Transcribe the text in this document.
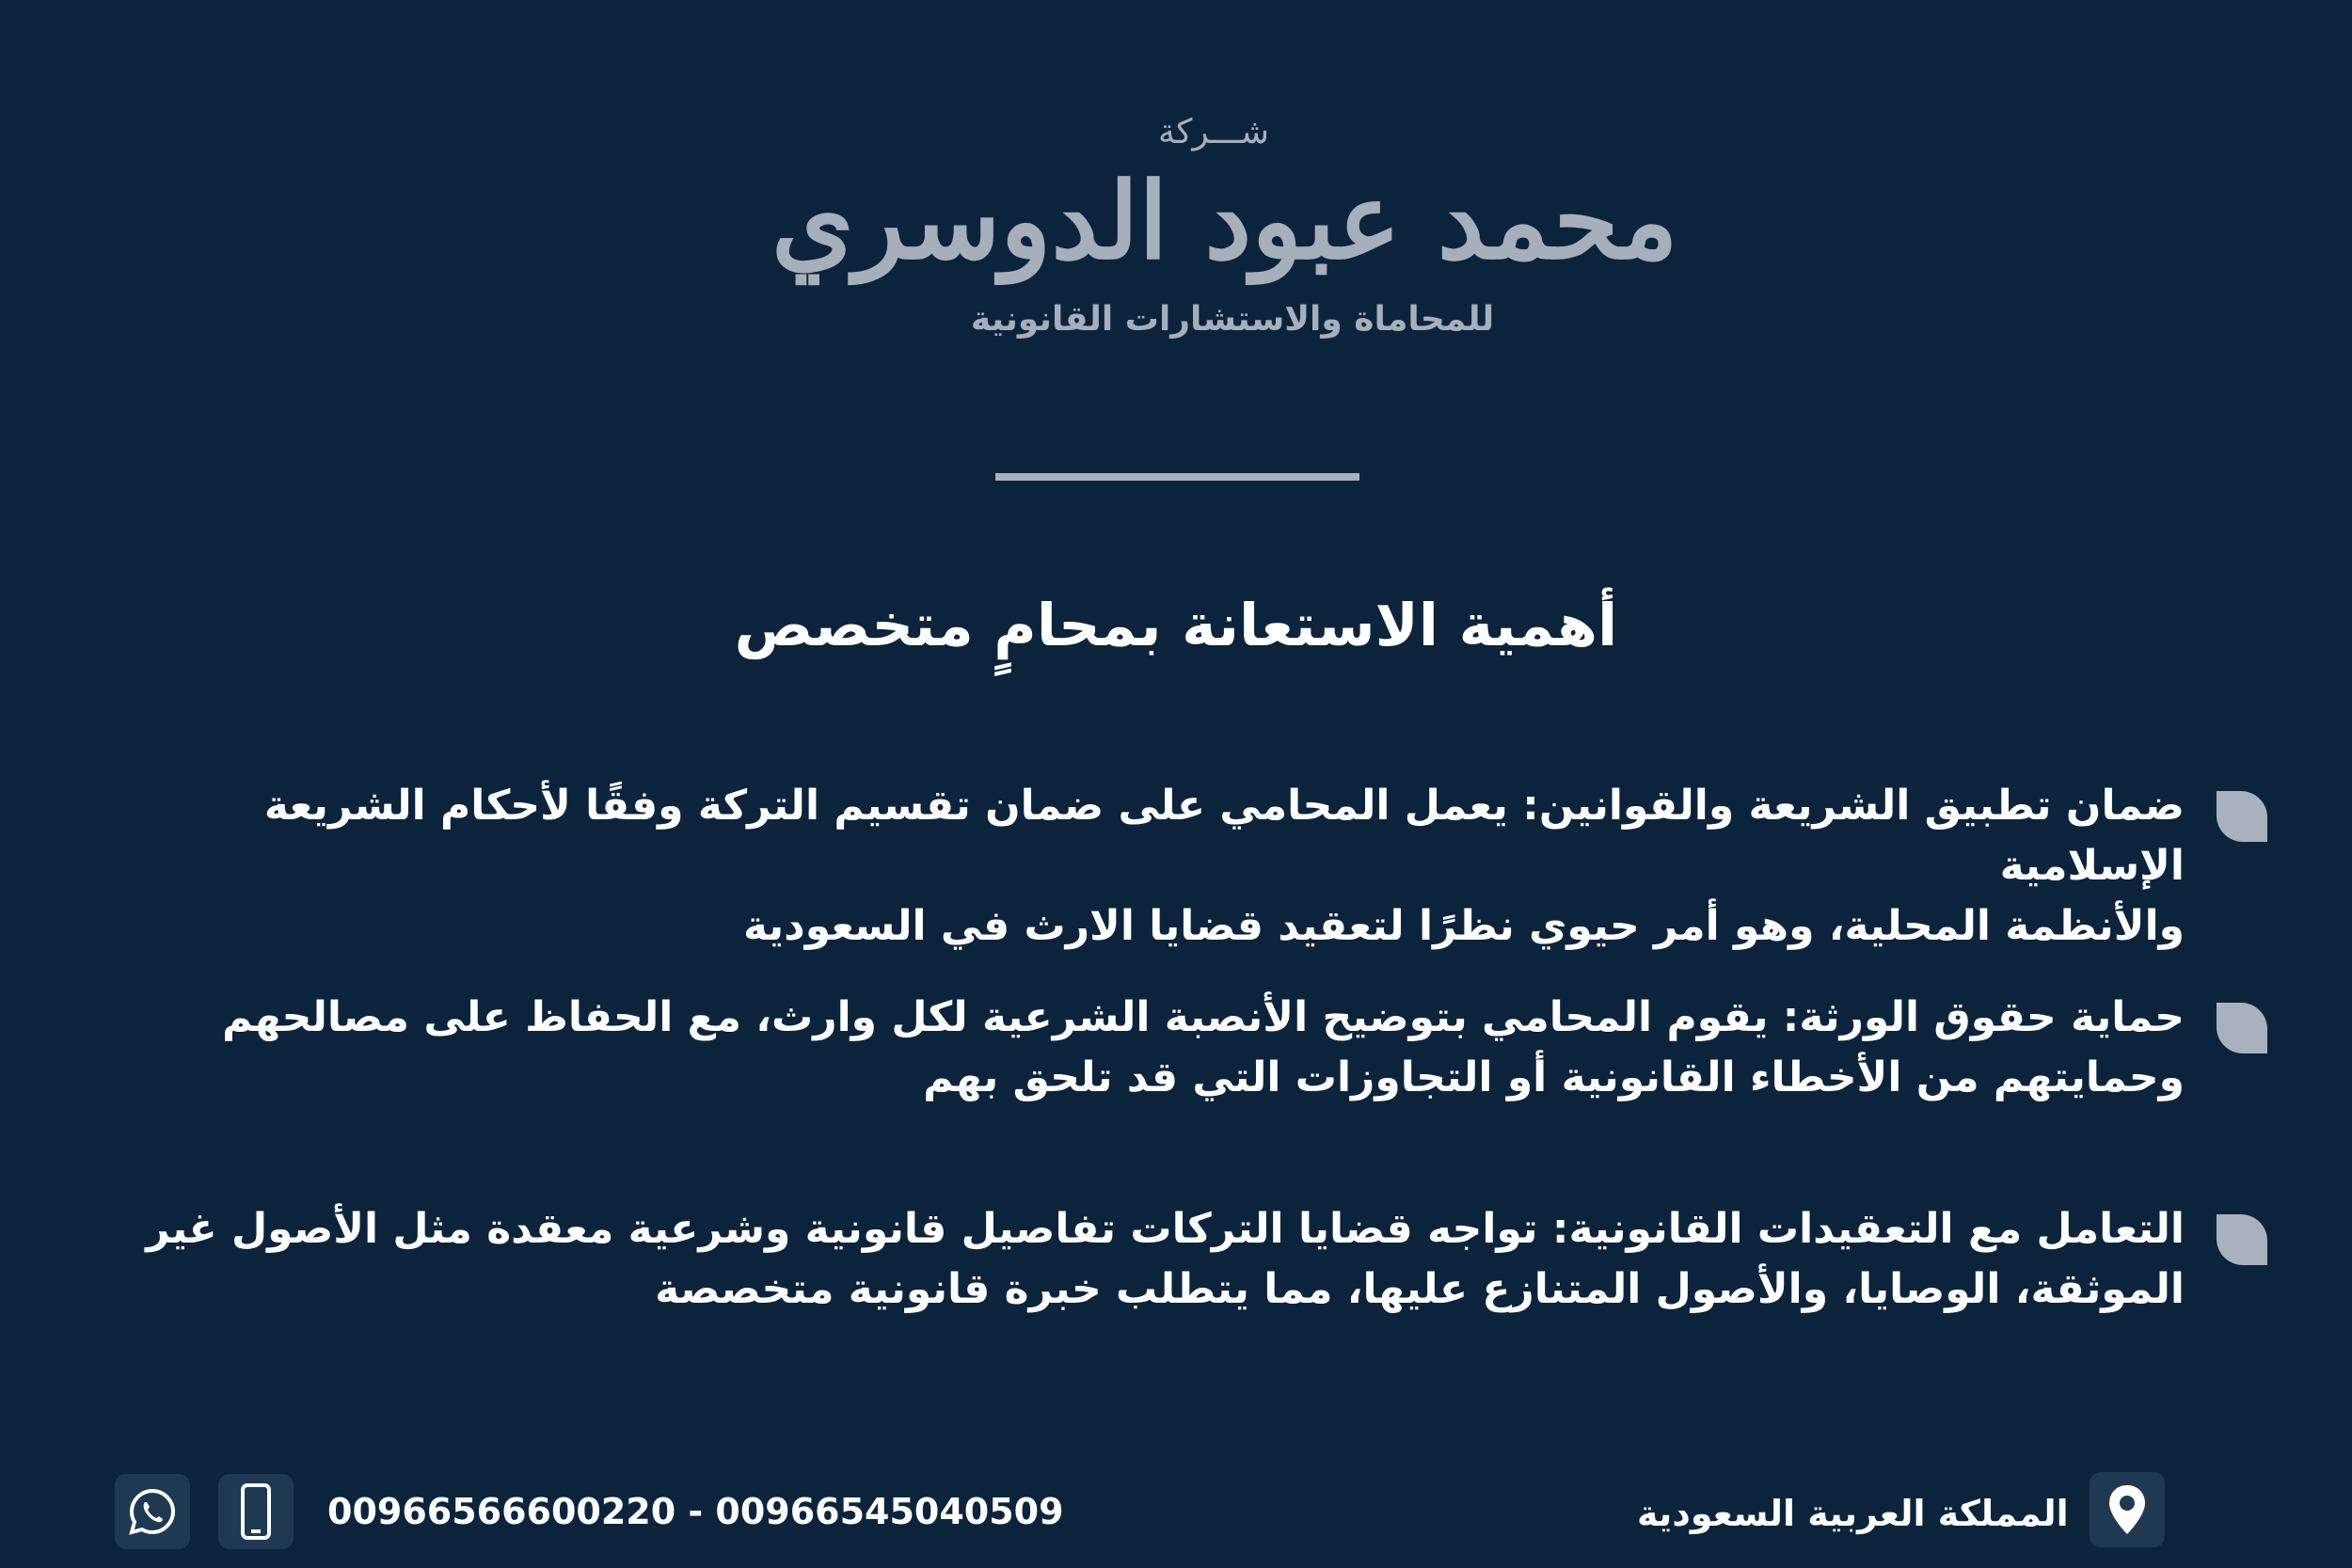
شـــركة
محمد عبود الدوسري
للمحاماة والاستشارات القانونية
أهمية الاستعانة بمحامٍ متخصص
ضمان تطبيق الشريعة والقوانين: يعمل المحامي على ضمان تقسيم التركة وفقًا لأحكام الشريعة الإسلامية
والأنظمة المحلية، وهو أمر حيوي نظرًا لتعقيد قضايا الارث في السعودية
حماية حقوق الورثة: يقوم المحامي بتوضيح الأنصبة الشرعية لكل وارث، مع الحفاظ على مصالحهم
وحمايتهم من الأخطاء القانونية أو التجاوزات التي قد تلحق بهم
التعامل مع التعقيدات القانونية: تواجه قضايا التركات تفاصيل قانونية وشرعية معقدة مثل الأصول غير
الموثقة، الوصايا، والأصول المتنازع عليها، مما يتطلب خبرة قانونية متخصصة
المملكة العربية السعودية
00966566600220 - 00966545040509
